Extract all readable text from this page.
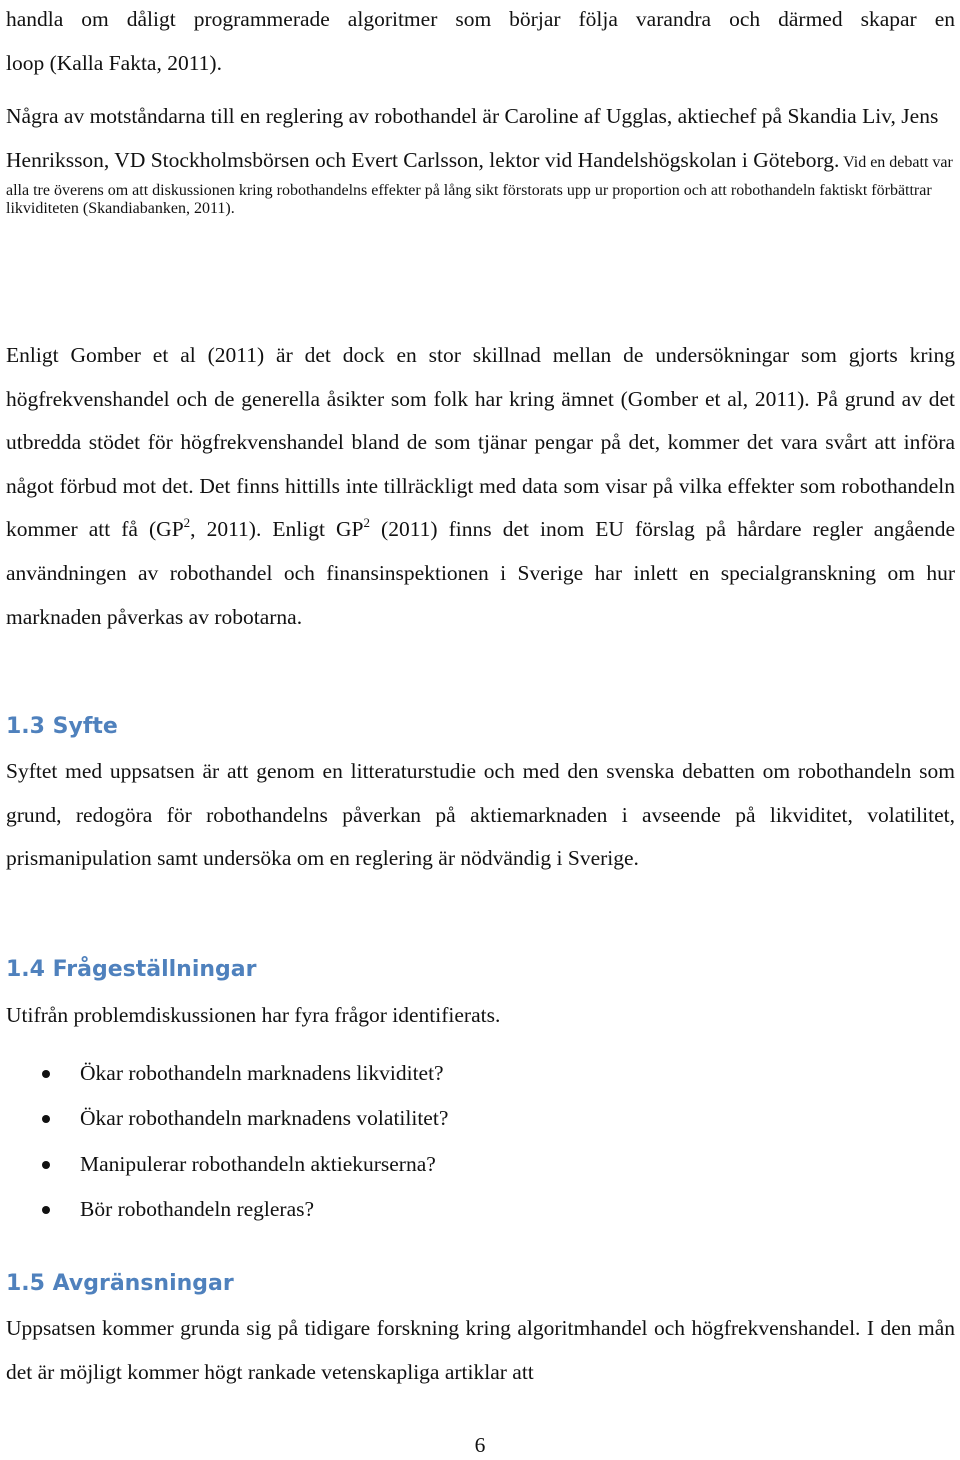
handla om dåligt programmerade algoritmer som börjar följa varandra och därmed skapar en

loop (Kalla Fakta, 2011).

Några av motståndarna till en reglering av robothandel är Caroline af Ugglas, aktiechef på Skandia Liv, Jens Henriksson, VD Stockholmsbörsen och Evert Carlsson, lektor vid Handelshögskolan i Göteborg. Vid en debatt var alla tre överens om att diskussionen kring robothandelns effekter på lång sikt förstorats upp ur proportion och att robothandeln faktiskt förbättrar likviditeten (Skandiabanken, 2011).

Enligt Gomber et al (2011) är det dock en stor skillnad mellan de undersökningar som gjorts kring högfrekvenshandel och de generella åsikter som folk har kring ämnet (Gomber et al, 2011). På grund av det utbredda stödet för högfrekvenshandel bland de som tjänar pengar på det, kommer det vara svårt att införa något förbud mot det. Det finns hittills inte tillräckligt med data som visar på vilka effekter som robothandeln kommer att få ($GP^2$, 2011). Enligt $GP^2$ (2011) finns det inom EU förslag på hårdare regler angående användningen av robothandel och finansinspektionen i Sverige har inlett en specialgranskning om hur marknaden påverkas av robotarna.

1.3 Syfte

Syftet med uppsatsen är att genom en litteraturstudie och med den svenska debatten om robothandeln som grund, redogöra för robothandelns påverkan på aktiemarknaden i avseende på likviditet, volatilitet, prismanipulation samt undersöka om en reglering är nödvändig i Sverige.

1.4 Frågeställningar

Utifrån problemdiskussionen har fyra frågor identifierats.

Ökar robothandeln marknadens likviditet?
Ökar robothandeln marknadens volatilitet?
Manipulerar robothandeln aktiekurserna?
Bör robothandeln regleras?
1.5 Avgränsningar

Uppsatsen kommer grunda sig på tidigare forskning kring algoritmhandel och högfrekvenshandel. I den mån det är möjligt kommer högt rankade vetenskapliga artiklar att

6
